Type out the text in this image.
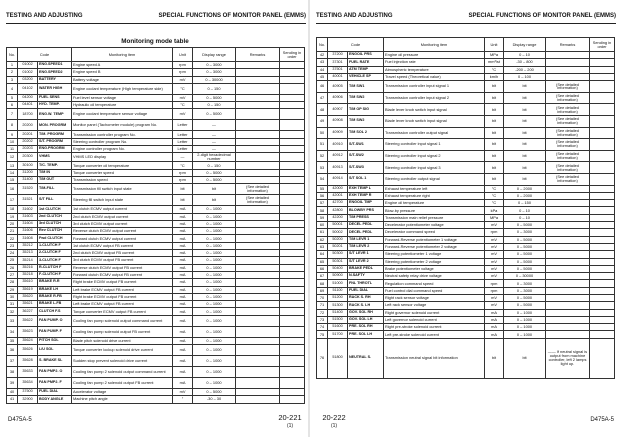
TESTING AND ADJUSTING	SPECIAL FUNCTIONS OF MONITOR PANEL (EMMS)
Monitoring mode table
No.	Code		Monitoring item	Unit	Display range	Remarks	Sending in order
1	01002	ENG.SPEED1	Engine speed A	rpm	0 – 3000		
2	01002	ENG.SPEED2	Engine speed B	rpm	0 – 3000		
3	03200	BATTERY	Battery voltage	mV	0 – 30000		
4	04102	WATER HIGH	Engine coolant temperature (High temperature side)	°C	0 – 150		
5	04200	FUEL SENS	Fuel level sensor voltage	mV	0 – 5000		
6	04401	HYD. TEMP.	Hydraulic oil temperature	°C	0 – 150		
7	18700	ENG.W. TEMP	Engine coolant temperature sensor voltage	mV	0 – 5000		
8	20200	MON. PROGRM	Monitor panel (Tachometer module) program No.	Letter	—		
9	20201	T/M. PROGRM	Transmission controller program No.	Letter	—		
10	20202	S/T. PROGRM	Steering controller program No.	Letter	—		
11	20203	ENG.PROGRM	Engine controller program No.	Letter	—		
12	20300	VHMS	VHMS LED display	—	2-digit hexadecimal number		
13	30100	T/C. TEMP.	Torque converter oil temperature	°C	0 – 150		
14	31200	T/M IN	Torque converter speed	rpm	0 – 5000		
15	31400	T/M OUT	Transmission speed	rpm	0 – 5000		
16	31520	T/M-FILL	Transmission fill switch input state	bit	bit	(See detailed information)	
17	31521	S/T FILL	Steering fill switch input state	bit	bit	(See detailed information)	
18	31602	1st CLUTCH	1st clutch ECMV output current	mA	0 – 1000		
19	31603	2nd CLUTCH	2nd clutch ECMV output current	mA	0 – 1000		
20	31604	3rd CLUTCH	3rd clutch ECMV output current	mA	0 – 1000		
21	31606	Rev CLUTCH	Reverse clutch ECMV output current	mA	0 – 1000		
22	31608	Fwd CLUTCH	Forward clutch ECMV output current	mA	0 – 1000		
23	35212	1-CLUTCH F	1st clutch ECMV output FB current	mA	0 – 1000		
24	35213	2-CLUTCH F	2nd clutch ECMV output FB current	mA	0 – 1000		
25	35214	3-CLUTCH F	3rd clutch ECMV output FB current	mA	0 – 1000		
26	35216	R-CLUTCH F	Reverse clutch ECMV output FB current	mA	0 – 1000		
27	35218	F-CLUTCH F	Forward clutch ECMV output FB current	mA	0 – 1000		
28	35610	BRAKE R.R	Right brake ECMV output FB current	mA	0 – 1000		
29	35619	BRAKE LH	Left brake ECMV output FB current	mA	0 – 1000		
30	35620	BRAKE R.FB	Right brake ECMV output FB current	mA	0 – 1000		
31	35621	BRAKE L.FB	Left brake ECMV output FB current	mA	0 – 1000		
32	36227	CLUTCH F.S	Torque converter ECMV output FB current	mA	0 – 1000		
33	35622	FAN PUMP. O	Cooling fan pump solenoid output command current	mA	0 – 1000		
34	35623	FAN PUMP. F	Cooling fan pump solenoid output FB current	mA	0 – 1000		
35	35624	PITCH SOL	Blade pitch solenoid drive current	mA	0 – 1000		
36	35626	L/U SOL	Torque converter lockup solenoid drive current	mA	0 – 1000		
37	35628	S. BRAKE SL	Sudden stop prevent solenoid drive current	mA	0 – 1000		
38	35633	FAN PMP2. O	Cooling fan pump 2 solenoid output command current	mA	0 – 1000		
39	35634	FAN PMP2. F	Cooling fan pump 2 solenoid output FB current	mA	0 – 1000		
40	37500	FUEL DIAL	Accelerator voltage	mV	0 – 5000		
41	32900	BODY ANGLE	Machine pitch angle	°	-30 – 30		
D475A-5	20-221
(1)
TESTING AND ADJUSTING	SPECIAL FUNCTIONS OF MONITOR PANEL (EMMS)
No.	Code		Monitoring item	Unit	Display range	Remarks	Sending in order
42	37200	ENGOIL PRS	Engine oil pressure	MPa	0 – 10		
43	37301	FUEL RATE	Fuel injection rate	mm³/st	-30 – 800		
44	37501	ATM TEMP	Atmospheric temperature	°C	-200 – 200		
45	40001	VEHICLE SP	Travel speed (Theoretical value)	km/h	0 – 100		
46	40905	T/M SW1	Transmission controller input signal 1	bit	bit	(See detailed information)	
47	40906	T/M SW2	Transmission controller input signal 2	bit	bit	(See detailed information)	
48	40907	T/M OP SIG	Blade lever knob switch input signal	bit	bit	(See detailed information)	
49	40908	T/M SW2	Blade lever knob switch input signal	bit	bit	(See detailed information)	
50	40909	T/M SOL 2	Transmission controller output signal	bit	bit	(See detailed information)	
51	40910	S/T-SW1	Steering controller input signal 1	bit	bit	(See detailed information)	
52	40912	S/T-SW2	Steering controller input signal 2	bit	bit	(See detailed information)	
53	40913	S/T-SW3	Steering controller input signal 3	bit	bit	(See detailed information)	
54	40914	S/T SOL 1	Steering controller output signal	bit	bit	(See detailed information)	
55	42000	EXH TEMP L	Exhaust temperature left	°C	0 – 2000		
56	42001	EXH TEMP R	Exhaust temperature right	°C	0 – 2000		
57	42700	ENGOIL TMP	Engine oil temperature	°C	0 – 150		
58	42800	BLOWBY PRS	Blow-by pressure	kPa	0 – 10		
59	42200	T/M PRESS	Transmission main relief pressure	MPa	0 – 10		
60	50001	DECEL PEDL	Decelerator potentiometer voltage	mV	0 – 5000		
61	50002	DECEL PEDL	Decelerator command speed	rpm	0 – 3000		
62	50200	T/M LEVR 1	Forward-Reverse potentiometer 1 voltage	mV	0 – 5000		
63	50201	T/M LEVR 2	Forward-Reverse potentiometer 2 voltage	mV	0 – 5000		
64	50300	S/T LEVR 1	Steering potentiometer 1 voltage	mV	0 – 5000		
65	50301	S/T LEVR 2	Steering potentiometer 2 voltage	mV	0 – 5000		
66	50400	BRAKE PEDL	Brake potentiometer voltage	mV	0 – 5000		
67	50900	N.SAFTY	Neutral safety relay drive voltage	mV	0 – 30000		
68	51000	FNL THROTL	Regulation command speed	rpm	0 – 3000		
69	51100	FUEL DIAL	Fuel control dial command speed	rpm	0 – 3000		
70	51200	RACK S. RH	Right rack sensor voltage	mV	0 – 5000		
71	51300	RACK S. LH	Left rack sensor voltage	mV	0 – 5000		
72	51400	GOV. SOL RH	Right governor solenoid current	mA	0 – 1000		
73	51500	GOV. SOL LH	Left governor solenoid current	mA	0 – 1000		
74	51600	PRE. SOL RH	Right pre-stroke solenoid current	mA	0 – 1000		
75	51700	PRE. SOL LH	Left pre-stroke solenoid current	mA	0 – 1000		
76	51800	NEUTRAL S.	Transmission neutral signal bit information	bit	bit	—— If neutral signal is output from machine controller, left 2 lamps light up.	
20-222
(1)
D475A-5
